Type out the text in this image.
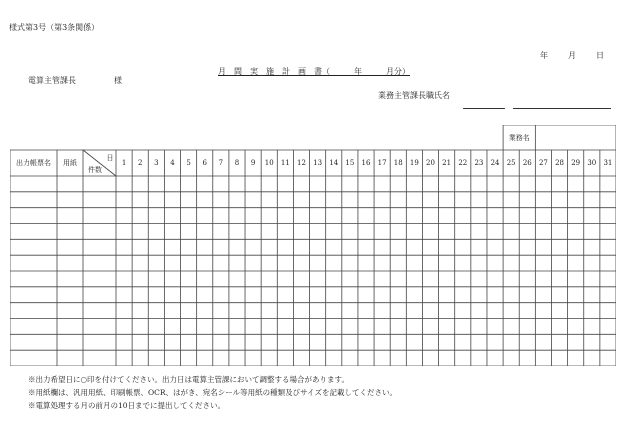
様式第3号（第3条関係）
年	月	日
月　間　実　施　計　画　書（　　　年　　　月分）
電算主管課長	様
業務主管課長職氏名
業務名
出力帳票名 用紙
日
件数
1 2 3 4 5 6 7 8 9 10 11 12 13 14 15 16 17 18 19 20 21 22 23 24 25 26 27 28 29 30 31
※出力希望日に○印を付けてください。出力日は電算主管課において調整する場合があります。
※用紙欄は、汎用用紙、印刷帳票、OCR、はがき、宛名シール等用紙の種類及びサイズを記載してください。
※電算処理する月の前月の10日までに提出してください。
